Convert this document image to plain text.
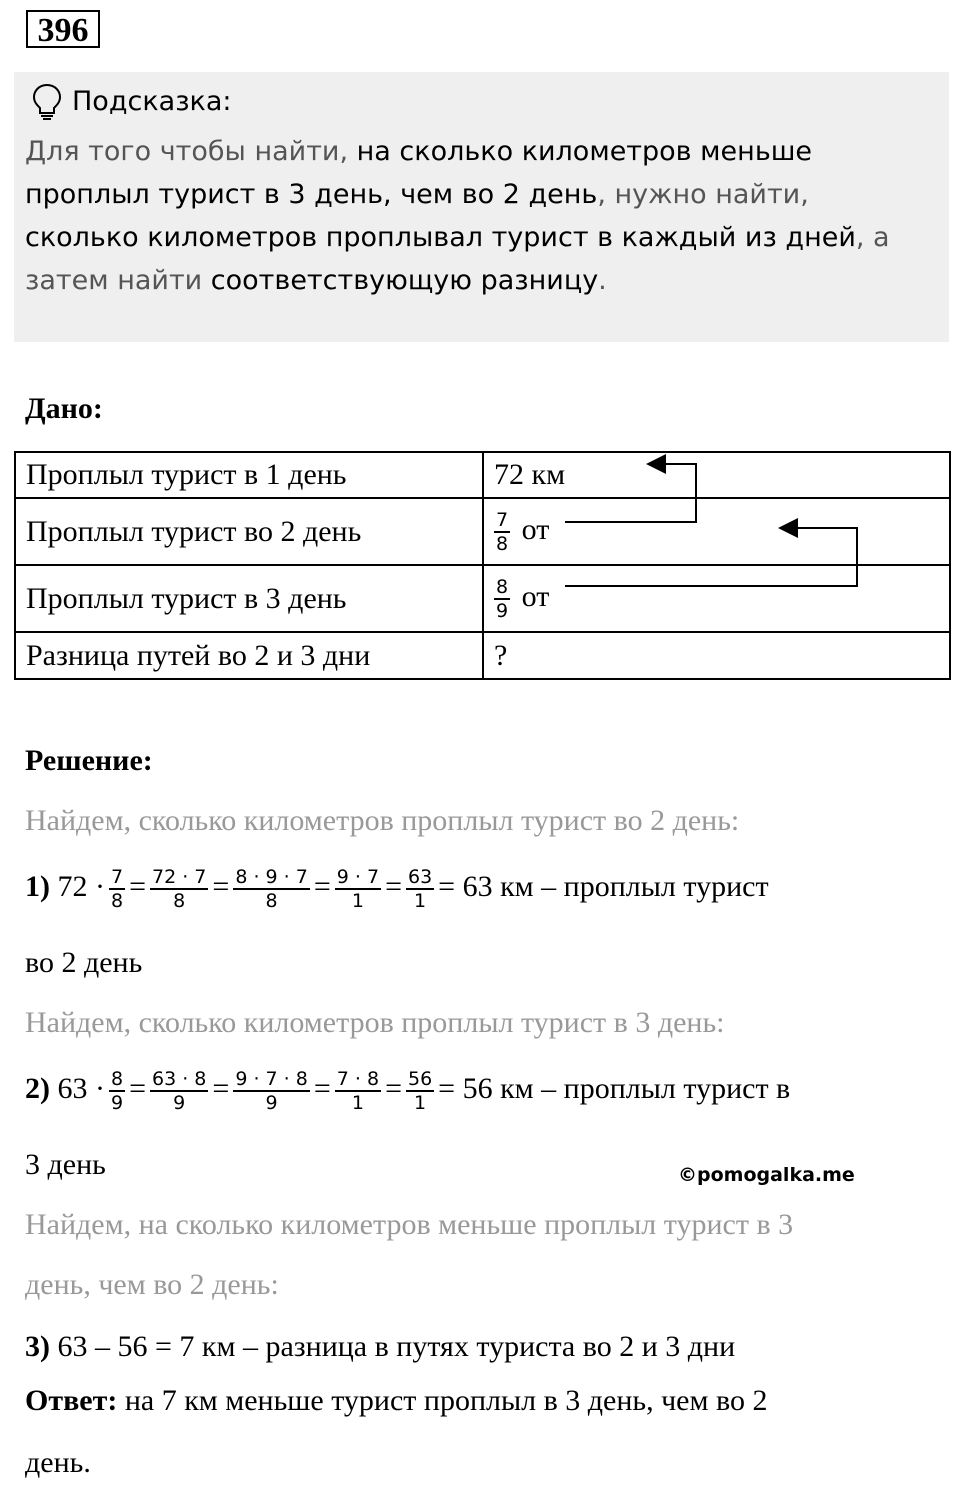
396
Подсказка:
Для того чтобы найти, на сколько километров меньше
проплыл турист в 3 день, чем во 2 день, нужно найти,
сколько километров проплывал турист в каждый из дней, а
затем найти соответствующую разницу.
Дано:
Проплыл турист в 1 день	72 км
Проплыл турист во 2 день	$\frac{7}{8}$ от
Проплыл турист в 3 день	$\frac{8}{9}$ от
Разница путей во 2 и 3 дни	?
Решение:
Найдем, сколько километров проплыл турист во 2 день:
1) $72 \cdot \frac{7}{8} = \frac{72 \cdot 7}{8} = \frac{8 \cdot 9 \cdot 7}{8} = \frac{9 \cdot 7}{1} = \frac{63}{1} = 63$ км – проплыл турист
во 2 день
Найдем, сколько километров проплыл турист в 3 день:
2) $63 \cdot \frac{8}{9} = \frac{63 \cdot 8}{9} = \frac{9 \cdot 7 \cdot 8}{9} = \frac{7 \cdot 8}{1} = \frac{56}{1} = 56$ км – проплыл турист в
3 день	©pomogalka.me
Найдем, на сколько километров меньше проплыл турист в 3
день, чем во 2 день:
3) 63 – 56 = 7 км – разница в путях туриста во 2 и 3 дни
Ответ: на 7 км меньше турист проплыл в 3 день, чем во 2
день.
